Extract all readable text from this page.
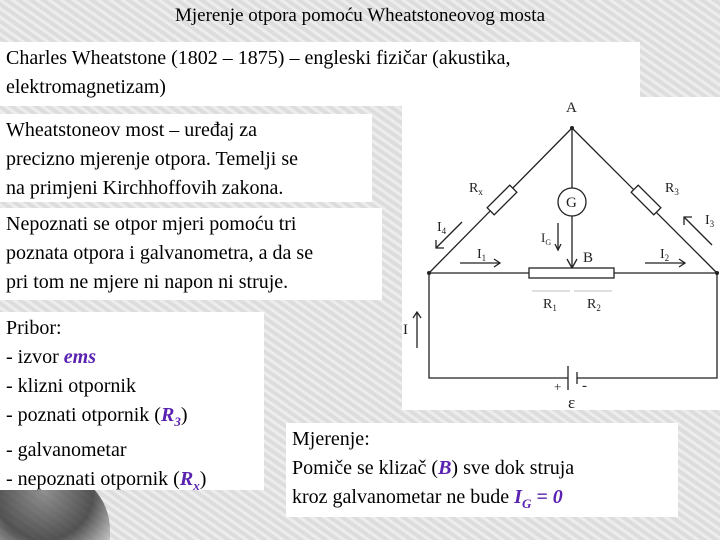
Mjerenje otpora pomoću Wheatstoneovog mosta
Charles Wheatstone (1802 – 1875) – engleski fizičar (akustika,
elektromagnetizam)
Wheatstoneov most – uređaj za
precizno mjerenje otpora. Temelji se
na primjeni Kirchhoffovih zakona.
Nepoznati se otpor mjeri pomoću tri
poznata otpora i galvanometra, a da se
pri tom ne mjere ni napon ni struje.
Pribor:
- izvor ems
- klizni otpornik
- poznati otpornik $(R_3)$
- galvanometar
- nepoznati otpornik $(R_x)$
Mjerenje:
Pomiče se klizač (B) sve dok struja
kroz galvanometar ne bude $I_G = 0$
A
G
B
$R_x$	$R_3$
$R_1$ $R_2$
$I_4$
$I_1$	$I_2$
$I_3$
$I_G$
I
+ -
ε
